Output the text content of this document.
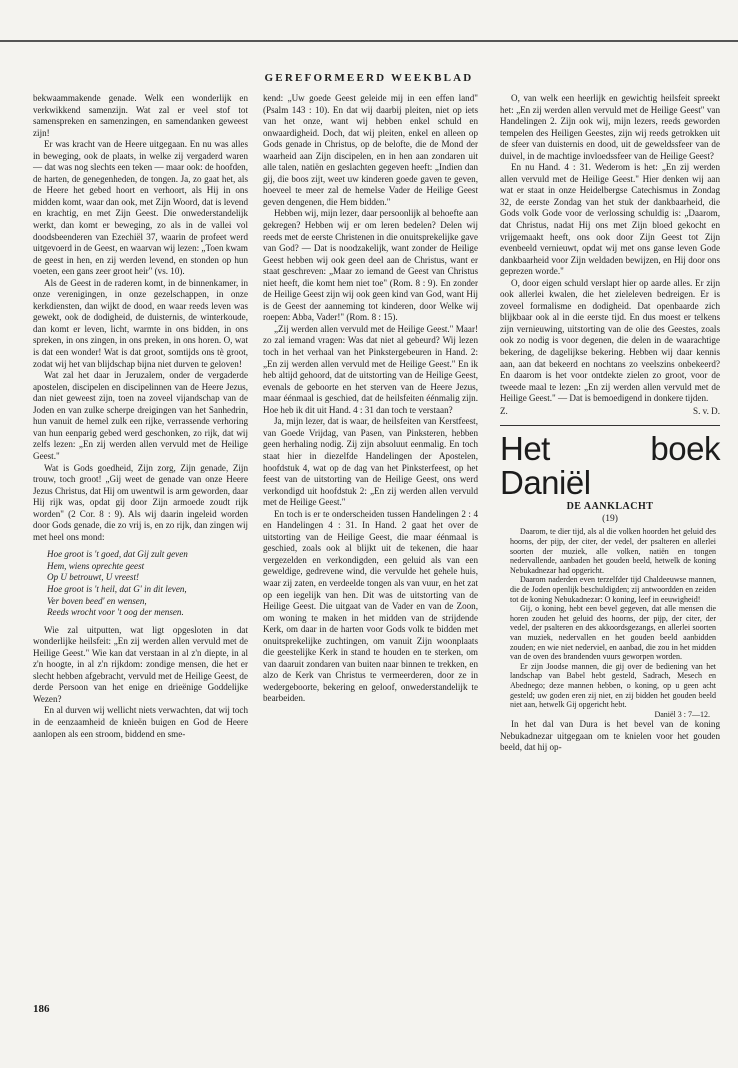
GEREFORMEERD WEEKBLAD

bekwaammakende genade. Welk een wonderlijk en verkwikkend samenzijn. Wat zal er veel stof tot samenspreken en samenzingen, en samendanken geweest zijn!

Er was kracht van de Heere uitgegaan. En nu was alles in beweging, ook de plaats, in welke zij vergaderd waren — dat was nog slechts een teken — maar ook: de hoofden, de harten, de genegenheden, de tongen. Ja, zo gaat het, als de Heere het gebed hoort en verhoort, als Hij in ons midden komt, waar dan ook, met Zijn Woord, dat is levend en krachtig, en met Zijn Geest. Die onwederstandelijk werkt, dan komt er beweging, zo als in de vallei vol doodsbeenderen van Ezechiël 37, waarin de profeet werd uitgevoerd in de Geest, en waarvan wij lezen: „Toen kwam de geest in hen, en zij werden levend, en stonden op hun voeten, een gans zeer groot heir" (vs. 10).

Als de Geest in de raderen komt, in de binnenkamer, in onze verenigingen, in onze gezelschappen, in onze kerkdiensten, dan wijkt de dood, en waar reeds leven was gewekt, ook de dodigheid, de duisternis, de winterkoude, dan komt er leven, licht, warmte in ons bidden, in ons spreken, in ons zingen, in ons preken, in ons horen. O, wat is dat een wonder! Wat is dat groot, somtijds ons tè groot, zodat wij het van blijdschap bijna niet durven te geloven!

Wat zal het daar in Jeruzalem, onder de vergaderde apostelen, discipelen en discipelinnen van de Heere Jezus, dan niet geweest zijn, toen na zoveel vijandschap van de Joden en van zulke scherpe dreigingen van het Sanhedrin, hun vanuit de hemel zulk een rijke, verrassende verhoring van hun eenparig gebed werd geschonken, zo rijk, dat wij zelfs lezen: „En zij werden allen vervuld met de Heilige Geest."

Wat is Gods goedheid, Zijn zorg, Zijn genade, Zijn trouw, toch groot! „Gij weet de genade van onze Heere Jezus Christus, dat Hij om uwentwil is arm geworden, daar Hij rijk was, opdat gij door Zijn armoede zoudt rijk worden" (2 Cor. 8 : 9). Als wij daarin ingeleid worden door Gods genade, die zo vrij is, en zo rijk, dan zingen wij met heel ons mond:

Hoe groot is 't goed, dat Gij zult geven
Hem, wiens oprechte geest
Op U betrouwt, U vreest!
Hoe groot is 't heil, dat G' in dit leven,
Ver boven beed' en wensen,
Reeds wrocht voor 't oog der mensen.

Wie zal uitputten, wat ligt opgesloten in dat wonderlijke heilsfeit: „En zij werden allen vervuld met de Heilige Geest." Wie kan dat verstaan in al z'n diepte, in al z'n hoogte, in al z'n rijkdom: zondige mensen, die het er slecht hebben afgebracht, vervuld met de Heilige Geest, de derde Persoon van het enige en drieënige Goddelijke Wezen?

En al durven wij wellicht niets verwachten, dat wij toch in de eenzaamheid de knieën buigen en God de Heere aanlopen als een stroom, biddend en sme-

kend: „Uw goede Geest geleide mij in een effen land" (Psalm 143 : 10). En dat wij daarbij pleiten, niet op iets van het onze, want wij hebben enkel schuld en onwaardigheid. Doch, dat wij pleiten, enkel en alleen op Gods genade in Christus, op de belofte, die de Mond der waarheid aan Zijn discipelen, en in hen aan zondaren uit alle talen, natiën en geslachten gegeven heeft: „Indien dan gij, die boos zijt, weet uw kinderen goede gaven te geven, hoeveel te meer zal de hemelse Vader de Heilige Geest geven dengenen, die Hem bidden."

Hebben wij, mijn lezer, daar persoonlijk al behoefte aan gekregen? Hebben wij er om leren bedelen? Delen wij reeds met de eerste Christenen in die onuitsprekelijke gave van God? — Dat is noodzakelijk, want zonder de Heilige Geest hebben wij ook geen deel aan de Christus, want er staat geschreven: „Maar zo iemand de Geest van Christus niet heeft, die komt hem niet toe" (Rom. 8 : 9). En zonder de Heilige Geest zijn wij ook geen kind van God, want Hij is de Geest der aanneming tot kinderen, door Welke wij roepen: Abba, Vader!" (Rom. 8 : 15).

„Zij werden allen vervuld met de Heilige Geest." Maar! zo zal iemand vragen: Was dat niet al gebeurd? Wij lezen toch in het verhaal van het Pinkstergebeuren in Hand. 2: „En zij werden allen vervuld met de Heilige Geest." En ik heb altijd gehoord, dat de uitstorting van de Heilige Geest, evenals de geboorte en het sterven van de Heere Jezus, maar éénmaal is geschied, dat de heilsfeiten éénmalig zijn. Hoe heb ik dit uit Hand. 4 : 31 dan toch te verstaan?

Ja, mijn lezer, dat is waar, de heilsfeiten van Kerstfeest, van Goede Vrijdag, van Pasen, van Pinksteren, hebben geen herhaling nodig. Zij zijn absoluut eenmalig. En toch staat hier in diezelfde Handelingen der Apostelen, hoofdstuk 4, wat op de dag van het Pinksterfeest, op het feest van de uitstorting van de Heilige Geest, ons werd verkondigd uit hoofdstuk 2: „En zij werden allen vervuld met de Heilige Geest."

En toch is er te onderscheiden tussen Handelingen 2 : 4 en Handelingen 4 : 31. In Hand. 2 gaat het over de uitstorting van de Heilige Geest, die maar éénmaal is geschied, zoals ook al blijkt uit de tekenen, die haar vergezelden en verkondigden, een geluid als van een geweldige, gedrevene wind, die vervulde het gehele huis, waar zij zaten, en verdeelde tongen als van vuur, en het zat op een iegelijk van hen. Dit was de uitstorting van de Heilige Geest. Die uitgaat van de Vader en van de Zoon, om woning te maken in het midden van de strijdende Kerk, om daar in de harten voor Gods volk te bidden met onuitsprekelijke zuchtingen, om vanuit Zijn woonplaats die geestelijke Kerk in stand te houden en te sterken, om van daaruit zondaren van buiten naar binnen te trekken, en alzo de Kerk van Christus te vermeerderen, door ze in wedergeboorte, bekering en geloof, onwederstandelijk te bearbeiden.

O, van welk een heerlijk en gewichtig heilsfeit spreekt het: „En zij werden allen vervuld met de Heilige Geest" van Handelingen 2. Zijn ook wij, mijn lezers, reeds geworden tempelen des Heiligen Geestes, zijn wij reeds getrokken uit de sfeer van duisternis en dood, uit de geweldssfeer van de duivel, in de machtige invloedssfeer van de Heilige Geest?

En nu Hand. 4 : 31. Wederom is het: „En zij werden allen vervuld met de Heilige Geest." Hier denken wij aan wat er staat in onze Heidelbergse Catechismus in Zondag 32, de eerste Zondag van het stuk der dankbaarheid, die Gods volk Gode voor de verlossing schuldig is: „Daarom, dat Christus, nadat Hij ons met Zijn bloed gekocht en vrijgemaakt heeft, ons ook door Zijn Geest tot Zijn evenbeeld vernieuwt, opdat wij met ons ganse leven Gode dankbaarheid voor Zijn weldaden bewijzen, en Hij door ons geprezen worde."

O, door eigen schuld verslapt hier op aarde alles. Er zijn ook allerlei kwalen, die het zieleleven bedreigen. Er is zoveel formalisme en dodigheid. Dat openbaarde zich blijkbaar ook al in die eerste tijd. En dus moest er telkens zijn vernieuwing, uitstorting van de olie des Geestes, zoals ook zo nodig is voor degenen, die delen in de waarachtige bekering, de dagelijkse bekering. Hebben wij daar kennis aan, aan dat bekeerd en nochtans zo veelszins onbekeerd? En daarom is het voor ontdekte zielen zo groot, voor de tweede maal te lezen: „En zij werden allen vervuld met de Heilige Geest." — Dat is bemoedigend in donkere tijden.

Z.	S. v. D.
Het boek Daniël
DE AANKLACHT
(19)

Daarom, te dier tijd, als al die volken hoorden het geluid des hoorns, der pijp, der citer, der vedel, der psalteren en allerlei soorten der muziek, alle volken, natiën en tongen nedervallende, aanbaden het gouden beeld, hetwelk de koning Nebukadnezar had opgericht.

Daarom naderden even terzelfder tijd Chaldeeuwse mannen, die de Joden openlijk beschuldigden; zij antwoordden en zeiden tot de koning Nebukadnezar: O koning, leef in eeuwigheid!

Gij, o koning, hebt een bevel gegeven, dat alle mensen die horen zouden het geluid des hoorns, der pijp, der citer, der vedel, der psalteren en des akkoordsgezangs, en allerlei soorten van muziek, nedervallen en het gouden beeld aanbidden zouden; en wie niet nederviel, en aanbad, die zou in het midden van de oven des brandenden vuurs geworpen worden.

Er zijn Joodse mannen, die gij over de bediening van het landschap van Babel hebt gesteld, Sadrach, Mesech en Abednego; deze mannen hebben, o koning, op u geen acht gesteld; uw goden eren zij niet, en zij bidden het gouden beeld niet aan, hetwelk Gij opgericht hebt.

Daniël 3 : 7—12.

In het dal van Dura is het bevel van de koning Nebukadnezar uitgegaan om te knielen voor het gouden beeld, dat hij op-

186
